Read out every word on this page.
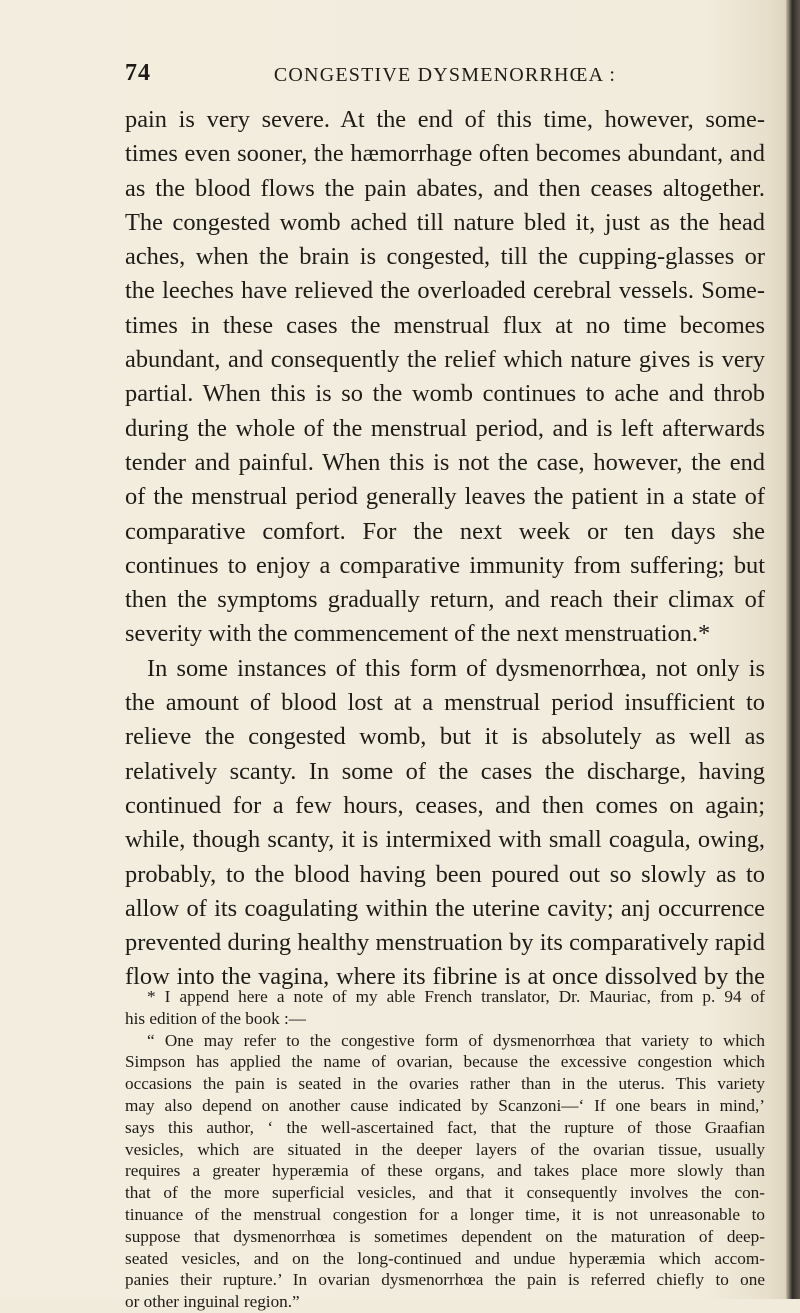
74	CONGESTIVE DYSMENORRHŒA :
pain is very severe. At the end of this time, however, some-
times even sooner, the hæmorrhage often becomes abundant, and
as the blood flows the pain abates, and then ceases altogether.
The congested womb ached till nature bled it, just as the head
aches, when the brain is congested, till the cupping-glasses or
the leeches have relieved the overloaded cerebral vessels. Some-
times in these cases the menstrual flux at no time becomes
abundant, and consequently the relief which nature gives is very
partial. When this is so the womb continues to ache and throb
during the whole of the menstrual period, and is left afterwards
tender and painful. When this is not the case, however, the end
of the menstrual period generally leaves the patient in a state of
comparative comfort. For the next week or ten days she
continues to enjoy a comparative immunity from suffering; but
then the symptoms gradually return, and reach their climax of
severity with the commencement of the next menstruation.*
In some instances of this form of dysmenorrhœa, not only is
the amount of blood lost at a menstrual period insufficient to
relieve the congested womb, but it is absolutely as well as
relatively scanty. In some of the cases the discharge, having
continued for a few hours, ceases, and then comes on again;
while, though scanty, it is intermixed with small coagula, owing,
probably, to the blood having been poured out so slowly as to
allow of its coagulating within the uterine cavity; anj occurrence
prevented during healthy menstruation by its comparatively rapid
flow into the vagina, where its fibrine is at once dissolved by the
* I append here a note of my able French translator, Dr. Mauriac, from p. 94 of
his edition of the book :—
“ One may refer to the congestive form of dysmenorrhœa that variety to which
Simpson has applied the name of ovarian, because the excessive congestion which
occasions the pain is seated in the ovaries rather than in the uterus. This variety
may also depend on another cause indicated by Scanzoni—‘ If one bears in mind,’
says this author, ‘ the well-ascertained fact, that the rupture of those Graafian
vesicles, which are situated in the deeper layers of the ovarian tissue, usually
requires a greater hyperæmia of these organs, and takes place more slowly than
that of the more superficial vesicles, and that it consequently involves the con-
tinuance of the menstrual congestion for a longer time, it is not unreasonable to
suppose that dysmenorrhœa is sometimes dependent on the maturation of deep-
seated vesicles, and on the long-continued and undue hyperæmia which accom-
panies their rupture.’ In ovarian dysmenorrhœa the pain is referred chiefly to one
or other inguinal region.”
